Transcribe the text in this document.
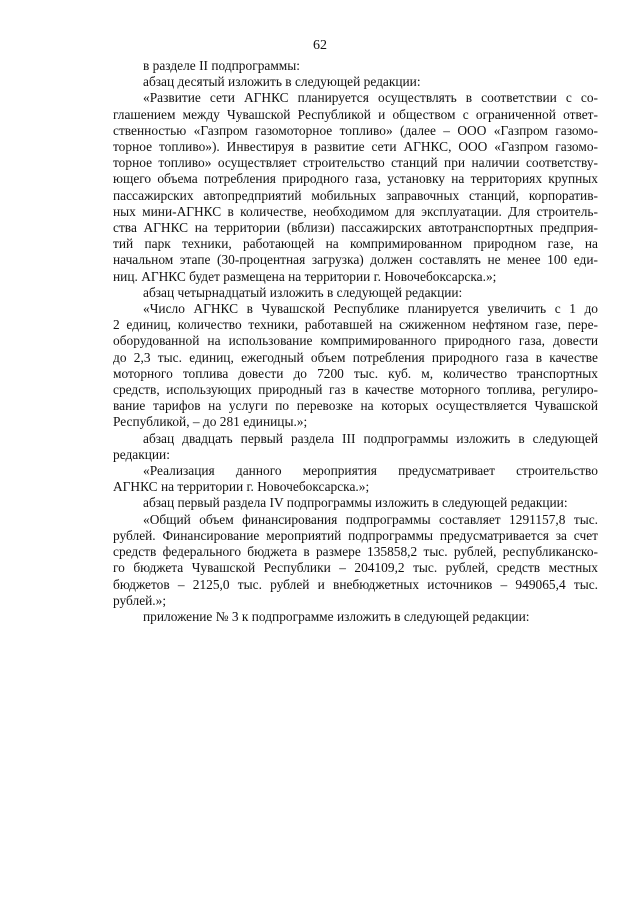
62
в разделе II подпрограммы:
абзац десятый изложить в следующей редакции:
«Развитие сети АГНКС планируется осуществлять в соответствии с со-
глашением между Чувашской Республикой и обществом с ограниченной ответ-
ственностью «Газпром газомоторное топливо» (далее – ООО «Газпром газомо-
торное топливо»). Инвестируя в развитие сети АГНКС, ООО «Газпром газомо-
торное топливо» осуществляет строительство станций при наличии соответству-
ющего объема потребления природного газа, установку на территориях крупных
пассажирских автопредприятий мобильных заправочных станций, корпоратив-
ных мини-АГНКС в количестве, необходимом для эксплуатации. Для строитель-
ства АГНКС на территории (вблизи) пассажирских автотранспортных предприя-
тий парк техники, работающей на компримированном природном газе, на
начальном этапе (30-процентная загрузка) должен составлять не менее 100 еди-
ниц. АГНКС будет размещена на территории г. Новочебоксарска.»;
абзац четырнадцатый изложить в следующей редакции:
«Число АГНКС в Чувашской Республике планируется увеличить с 1 до
2 единиц, количество техники, работавшей на сжиженном нефтяном газе, пере-
оборудованной на использование компримированного природного газа, довести
до 2,3 тыс. единиц, ежегодный объем потребления природного газа в качестве
моторного топлива довести до 7200 тыс. куб. м, количество транспортных
средств, использующих природный газ в качестве моторного топлива, регулиро-
вание тарифов на услуги по перевозке на которых осуществляется Чувашской
Республикой, – до 281 единицы.»;
абзац двадцать первый раздела III подпрограммы изложить в следующей
редакции:
«Реализация данного мероприятия предусматривает строительство
АГНКС на территории г. Новочебоксарска.»;
абзац первый раздела IV подпрограммы изложить в следующей редакции:
«Общий объем финансирования подпрограммы составляет 1291157,8 тыс.
рублей. Финансирование мероприятий подпрограммы предусматривается за счет
средств федерального бюджета в размере 135858,2 тыс. рублей, республиканско-
го бюджета Чувашской Республики – 204109,2 тыс. рублей, средств местных
бюджетов – 2125,0 тыс. рублей и внебюджетных источников – 949065,4 тыс.
рублей.»;
приложение № 3 к подпрограмме изложить в следующей редакции:
